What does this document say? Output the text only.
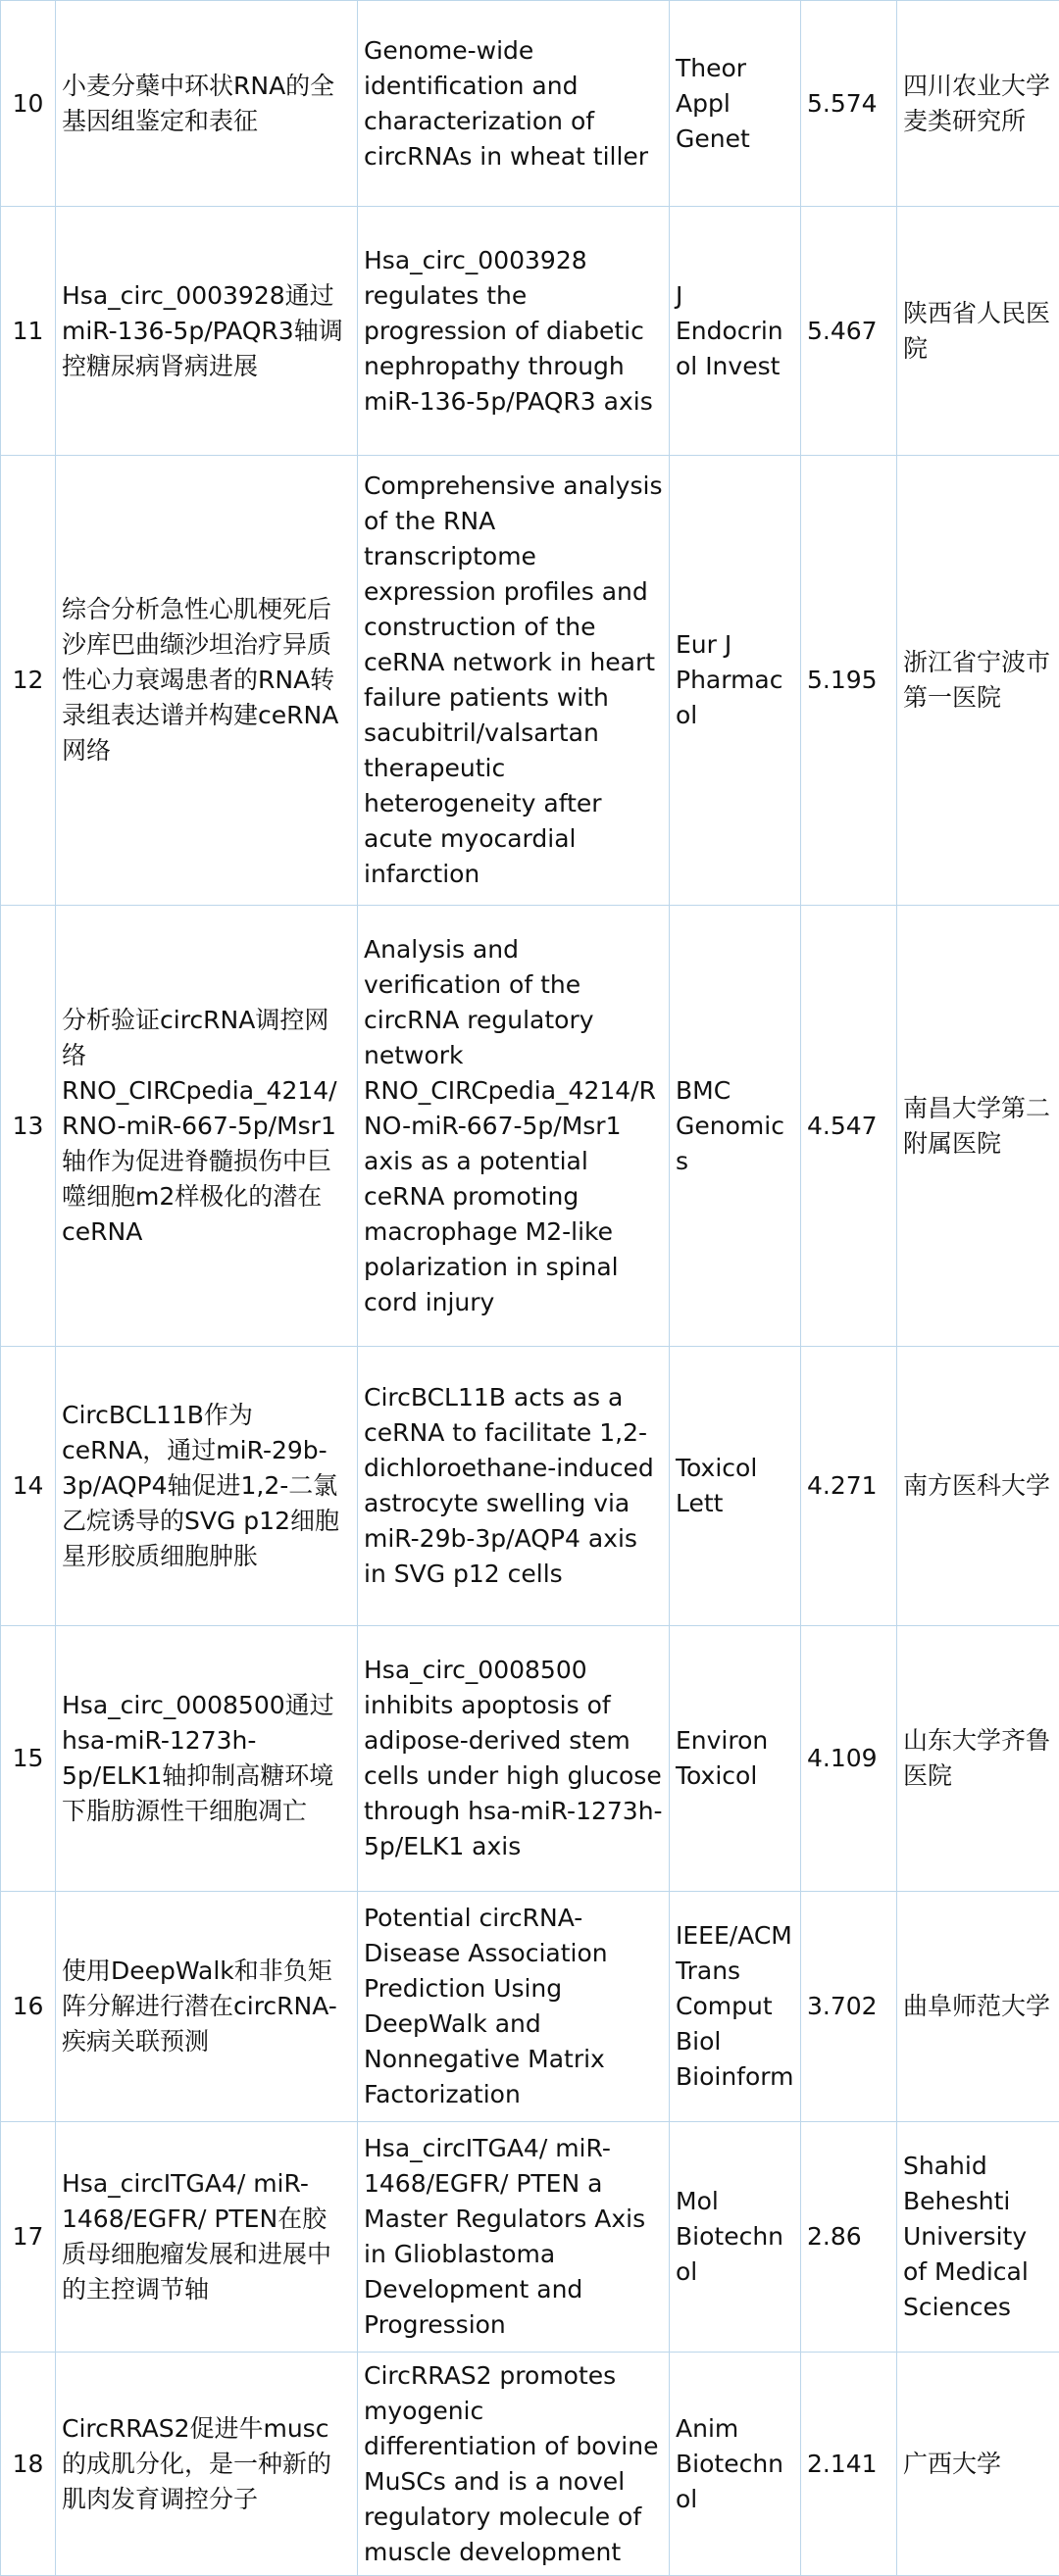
10	小麦分蘖中环状RNA的全基因组鉴定和表征	Genome-wide identification and characterization of circRNAs in wheat tiller	Theor Appl Genet	5.574	四川农业大学麦类研究所
11	Hsa_circ_0003928通过miR-136-5p/PAQR3轴调控糖尿病肾病进展	Hsa_circ_0003928 regulates the progression of diabetic nephropathy through miR-136-5p/PAQR3 axis	J Endocrinol Invest	5.467	陕西省人民医院
12	综合分析急性心肌梗死后沙库巴曲缬沙坦治疗异质性心力衰竭患者的RNA转录组表达谱并构建ceRNA网络	Comprehensive analysis of the RNA transcriptome expression profiles and construction of the ceRNA network in heart failure patients with sacubitril/valsartan therapeutic heterogeneity after acute myocardial infarction	Eur J Pharmacol	5.195	浙江省宁波市第一医院
13	分析验证circRNA调控网络RNO_CIRCpedia_4214/RNO-miR-667-5p/Msr1轴作为促进脊髓损伤中巨噬细胞m2样极化的潜在ceRNA	Analysis and verification of the circRNA regulatory network RNO_CIRCpedia_4214/RNO-miR-667-5p/Msr1 axis as a potential ceRNA promoting macrophage M2-like polarization in spinal cord injury	BMC Genomics	4.547	南昌大学第二附属医院
14	CircBCL11B作为ceRNA，通过miR-29b-3p/AQP4轴促进1,2-二氯乙烷诱导的SVG p12细胞星形胶质细胞肿胀	CircBCL11B acts as a ceRNA to facilitate 1,2-dichloroethane-induced astrocyte swelling via miR-29b-3p/AQP4 axis in SVG p12 cells	Toxicol Lett	4.271	南方医科大学
15	Hsa_circ_0008500通过hsa-miR-1273h-5p/ELK1轴抑制高糖环境下脂肪源性干细胞凋亡	Hsa_circ_0008500 inhibits apoptosis of adipose-derived stem cells under high glucose through hsa-miR-1273h-5p/ELK1 axis	Environ Toxicol	4.109	山东大学齐鲁医院
16	使用DeepWalk和非负矩阵分解进行潜在circRNA-疾病关联预测	Potential circRNA-Disease Association Prediction Using DeepWalk and Nonnegative Matrix Factorization	IEEE/ACM Trans Comput Biol Bioinform	3.702	曲阜师范大学
17	Hsa_circITGA4/ miR-1468/EGFR/ PTEN在胶质母细胞瘤发展和进展中的主控调节轴	Hsa_circITGA4/ miR-1468/EGFR/ PTEN a Master Regulators Axis in Glioblastoma Development and Progression	Mol Biotechnol	2.86	Shahid Beheshti University of Medical Sciences
18	CircRRAS2促进牛musc的成肌分化，是一种新的肌肉发育调控分子	CircRRAS2 promotes myogenic differentiation of bovine MuSCs and is a novel regulatory molecule of muscle development	Anim Biotechnol	2.141	广西大学
